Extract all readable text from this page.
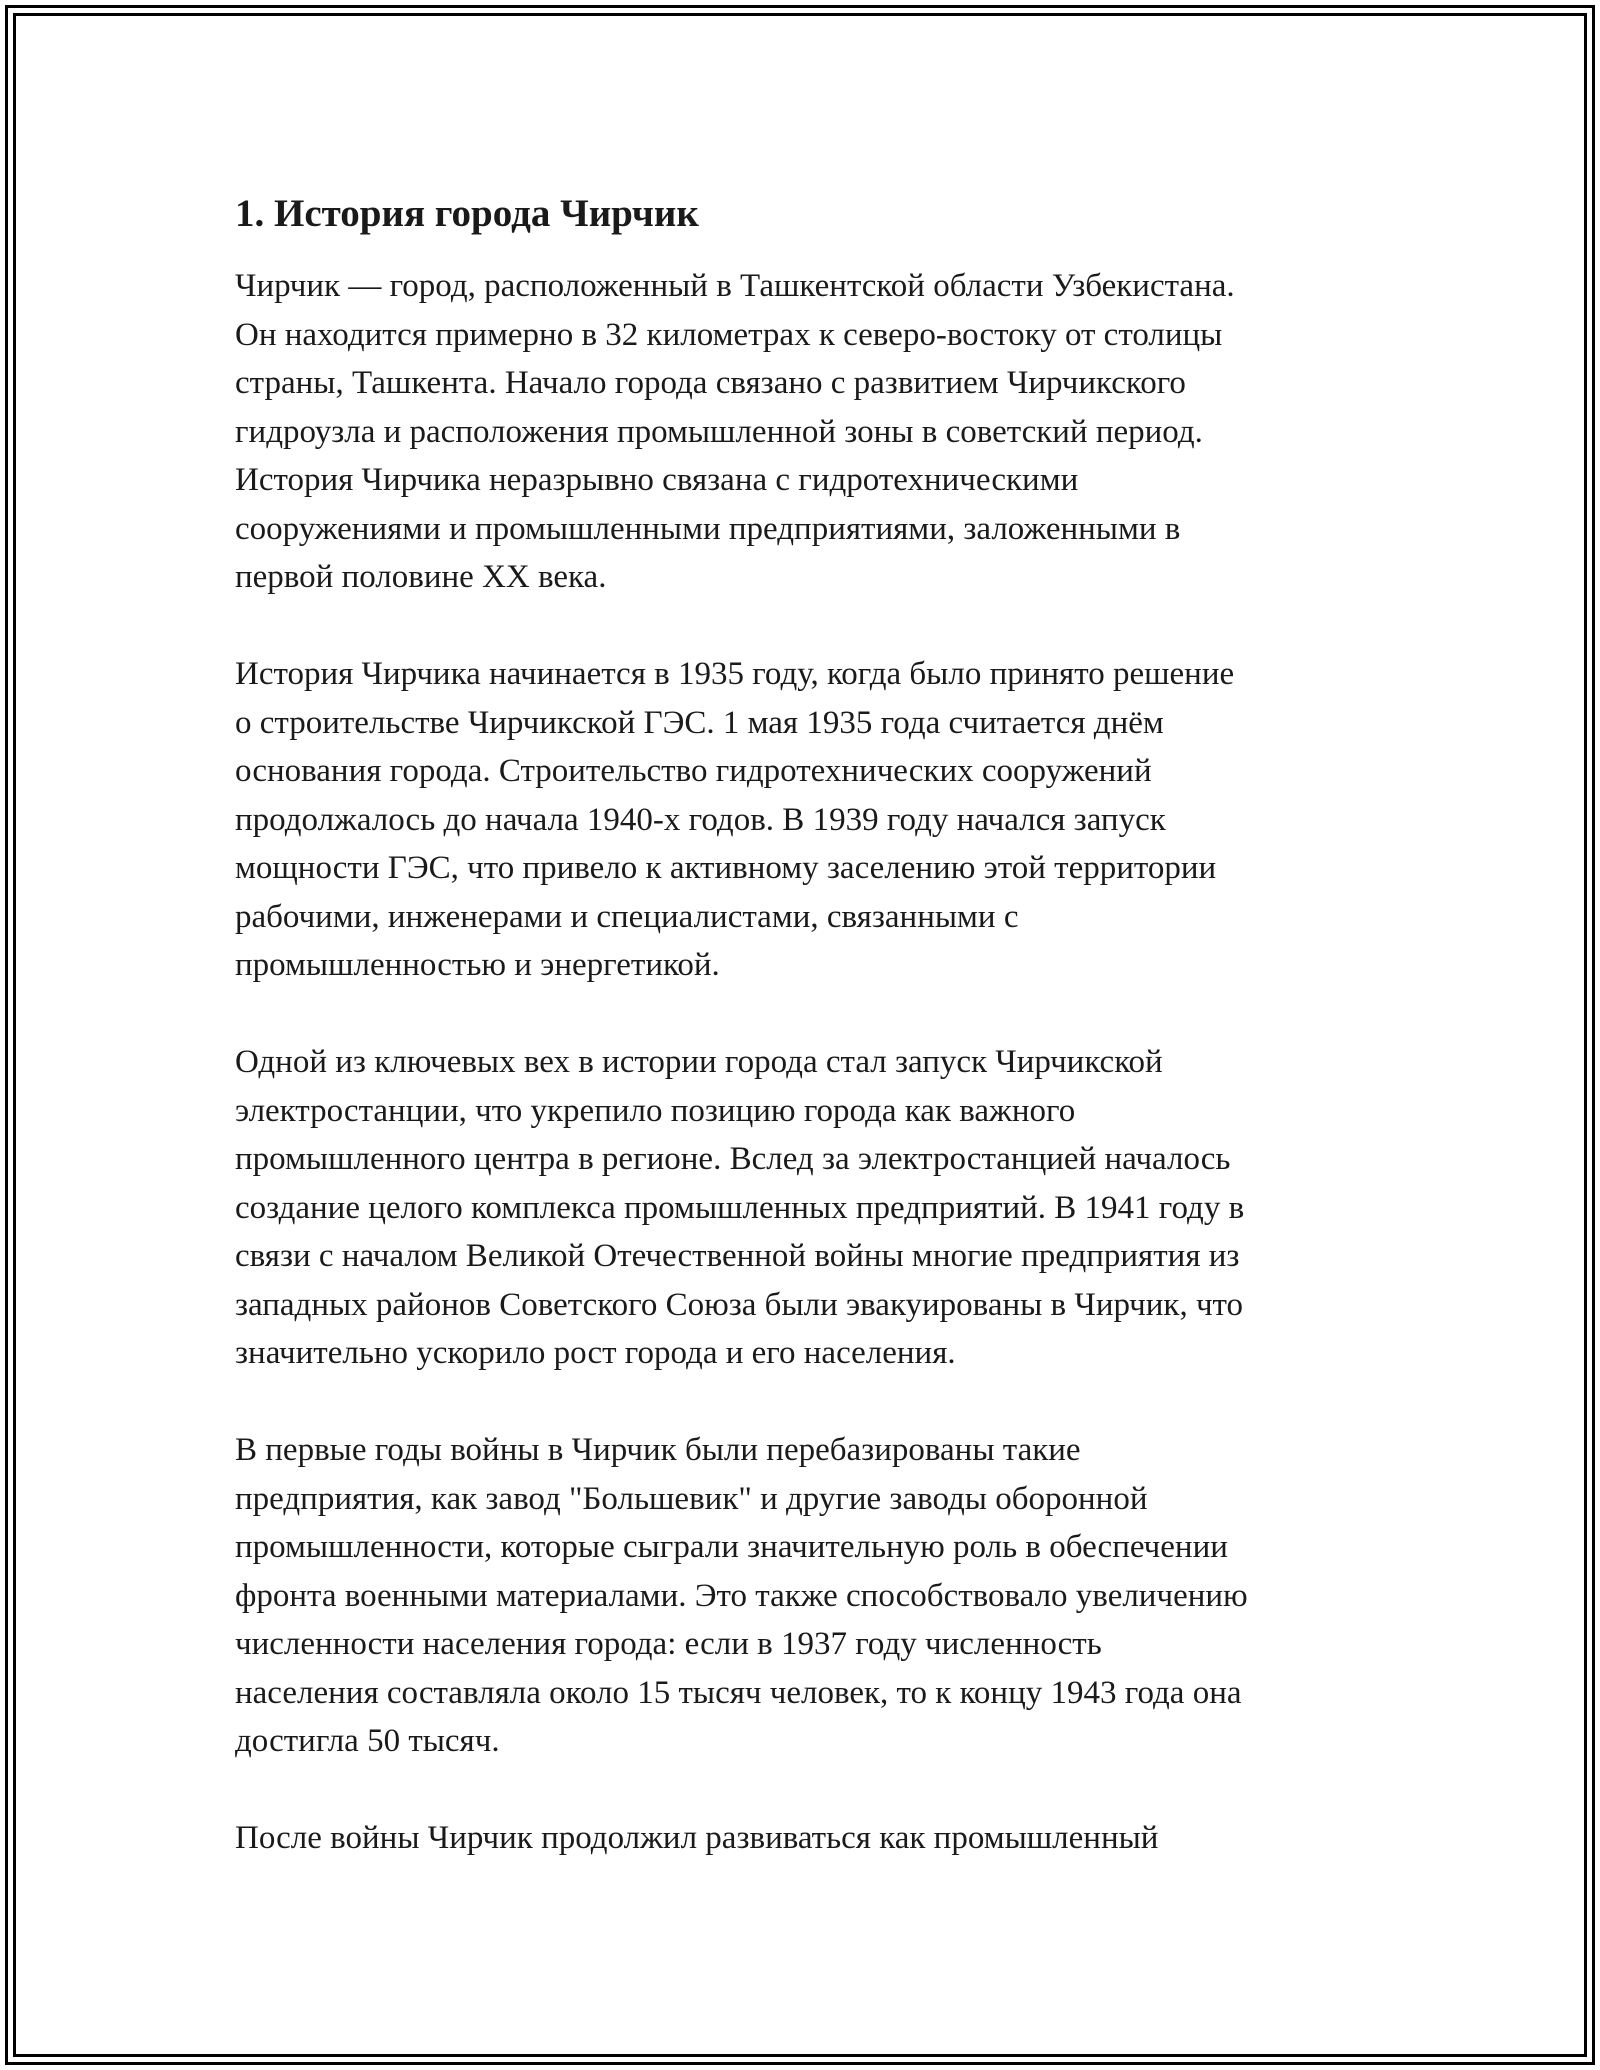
1. История города Чирчик

Чирчик — город, расположенный в Ташкентской области Узбекистана.
Он находится примерно в 32 километрах к северо-востоку от столицы
страны, Ташкента. Начало города связано с развитием Чирчикского
гидроузла и расположения промышленной зоны в советский период.
История Чирчика неразрывно связана с гидротехническими
сооружениями и промышленными предприятиями, заложенными в
первой половине XX века.

История Чирчика начинается в 1935 году, когда было принято решение
о строительстве Чирчикской ГЭС. 1 мая 1935 года считается днём
основания города. Строительство гидротехнических сооружений
продолжалось до начала 1940-х годов. В 1939 году начался запуск
мощности ГЭС, что привело к активному заселению этой территории
рабочими, инженерами и специалистами, связанными с
промышленностью и энергетикой.

Одной из ключевых вех в истории города стал запуск Чирчикской
электростанции, что укрепило позицию города как важного
промышленного центра в регионе. Вслед за электростанцией началось
создание целого комплекса промышленных предприятий. В 1941 году в
связи с началом Великой Отечественной войны многие предприятия из
западных районов Советского Союза были эвакуированы в Чирчик, что
значительно ускорило рост города и его населения.

В первые годы войны в Чирчик были перебазированы такие
предприятия, как завод "Большевик" и другие заводы оборонной
промышленности, которые сыграли значительную роль в обеспечении
фронта военными материалами. Это также способствовало увеличению
численности населения города: если в 1937 году численность
населения составляла около 15 тысяч человек, то к концу 1943 года она
достигла 50 тысяч.

После войны Чирчик продолжил развиваться как промышленный
